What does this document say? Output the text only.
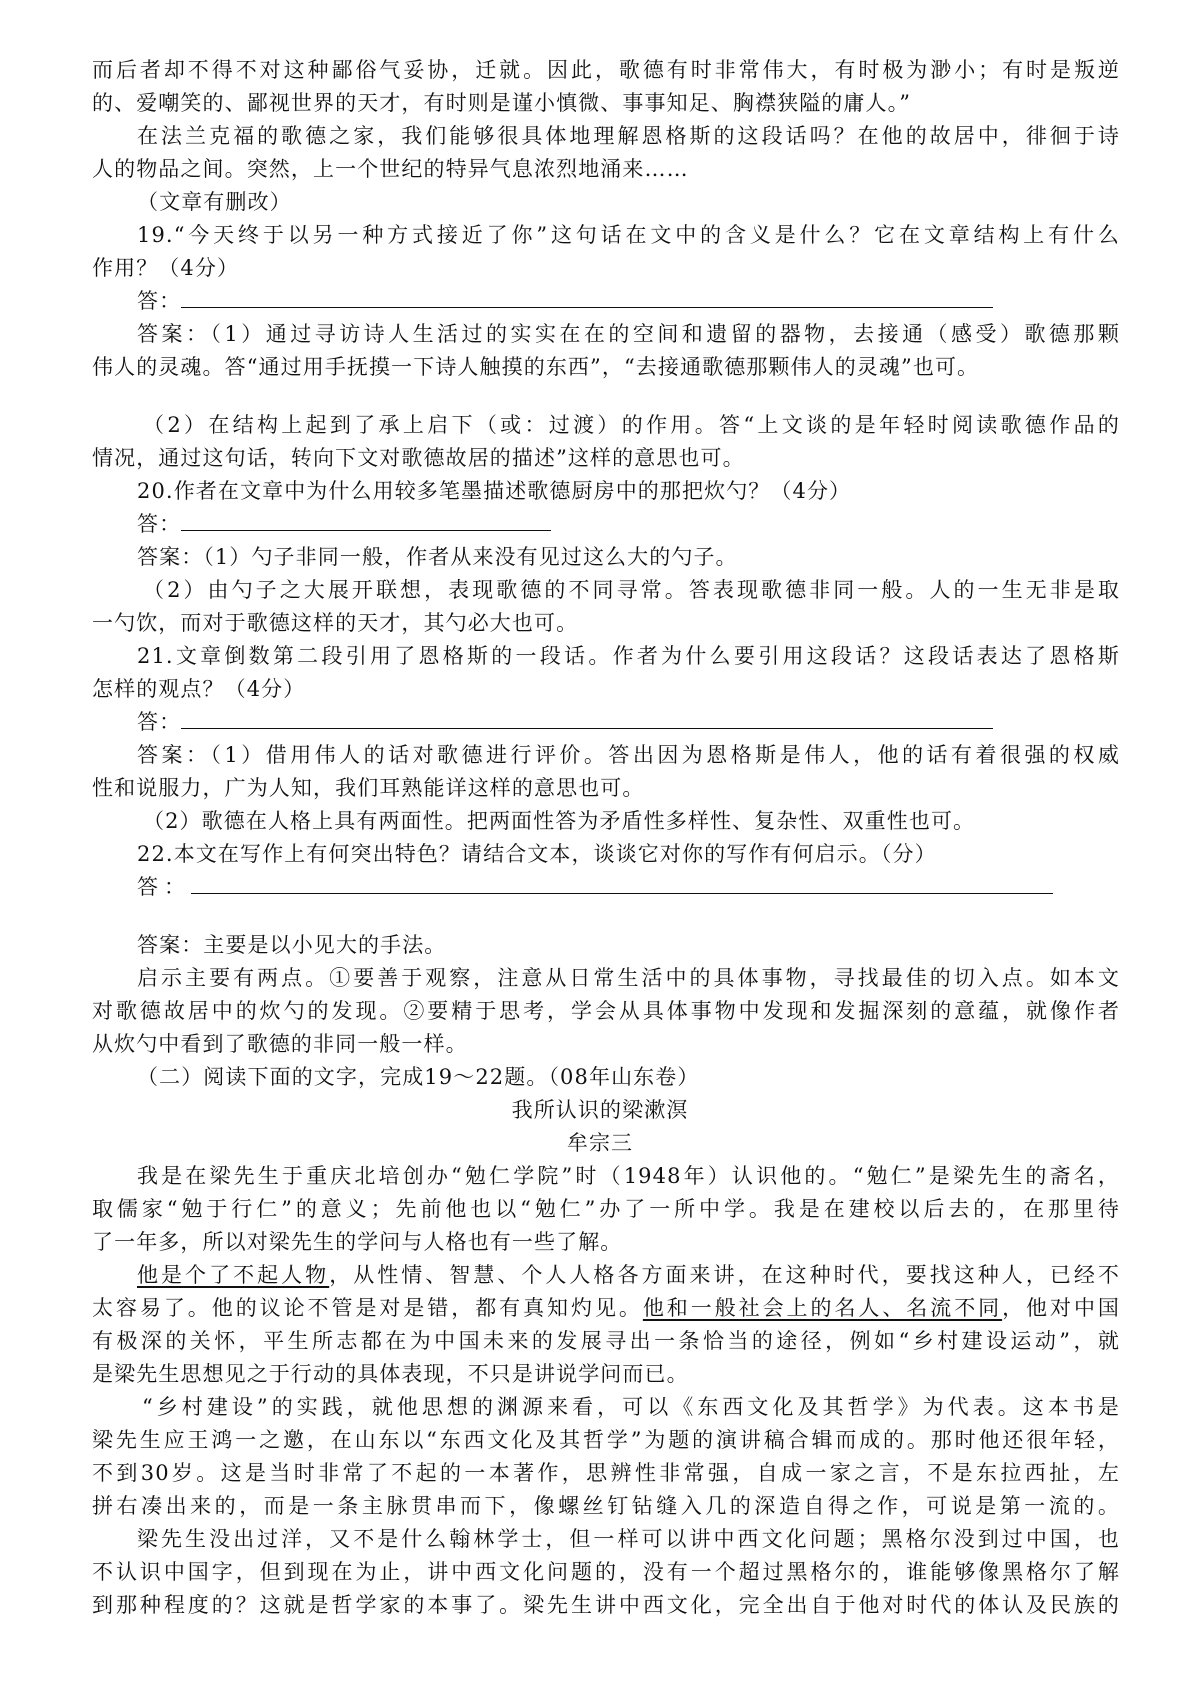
而后者却不得不对这种鄙俗气妥协，迁就。因此，歌德有时非常伟大，有时极为渺小；有时是叛逆
的、爱嘲笑的、鄙视世界的天才，有时则是谨小慎微、事事知足、胸襟狭隘的庸人。”
在法兰克福的歌德之家，我们能够很具体地理解恩格斯的这段话吗？在他的故居中，徘徊于诗
人的物品之间。突然，上一个世纪的特异气息浓烈地涌来……
（文章有删改）
19.“今天终于以另一种方式接近了你”这句话在文中的含义是什么？它在文章结构上有什么
作用？（4分）
答：
答案：（1）通过寻访诗人生活过的实实在在的空间和遗留的器物，去接通（感受）歌德那颗
伟人的灵魂。答“通过用手抚摸一下诗人触摸的东西”，“去接通歌德那颗伟人的灵魂”也可。
（2）在结构上起到了承上启下（或：过渡）的作用。答“上文谈的是年轻时阅读歌德作品的
情况，通过这句话，转向下文对歌德故居的描述”这样的意思也可。
20.作者在文章中为什么用较多笔墨描述歌德厨房中的那把炊勺？（4分）
答：
答案：（1）勺子非同一般，作者从来没有见过这么大的勺子。
（2）由勺子之大展开联想，表现歌德的不同寻常。答表现歌德非同一般。人的一生无非是取
一勺饮，而对于歌德这样的天才，其勺必大也可。
21.文章倒数第二段引用了恩格斯的一段话。作者为什么要引用这段话？这段话表达了恩格斯
怎样的观点？（4分）
答：
答案：（1）借用伟人的话对歌德进行评价。答出因为恩格斯是伟人，他的话有着很强的权威
性和说服力，广为人知，我们耳熟能详这样的意思也可。
（2）歌德在人格上具有两面性。把两面性答为矛盾性多样性、复杂性、双重性也可。
22.本文在写作上有何突出特色？请结合文本，谈谈它对你的写作有何启示。（分）
答：
答案：主要是以小见大的手法。
启示主要有两点。①要善于观察，注意从日常生活中的具体事物，寻找最佳的切入点。如本文
对歌德故居中的炊勺的发现。②要精于思考，学会从具体事物中发现和发掘深刻的意蕴，就像作者
从炊勺中看到了歌德的非同一般一样。
（二）阅读下面的文字，完成19～22题。（08年山东卷）
我所认识的梁漱溟
牟宗三
我是在梁先生于重庆北培创办“勉仁学院”时（1948年）认识他的。“勉仁”是梁先生的斋名，
取儒家“勉于行仁”的意义；先前他也以“勉仁”办了一所中学。我是在建校以后去的，在那里待
了一年多，所以对梁先生的学问与人格也有一些了解。
他是个了不起人物，从性情、智慧、个人人格各方面来讲，在这种时代，要找这种人，已经不
太容易了。他的议论不管是对是错，都有真知灼见。他和一般社会上的名人、名流不同，他对中国
有极深的关怀，平生所志都在为中国未来的发展寻出一条恰当的途径，例如“乡村建设运动”，就
是梁先生思想见之于行动的具体表现，不只是讲说学问而已。
“乡村建设”的实践，就他思想的渊源来看，可以《东西文化及其哲学》为代表。这本书是
梁先生应王鸿一之邀，在山东以“东西文化及其哲学”为题的演讲稿合辑而成的。那时他还很年轻，
不到30岁。这是当时非常了不起的一本著作，思辨性非常强，自成一家之言，不是东拉西扯，左
拼右凑出来的，而是一条主脉贯串而下，像螺丝钉钻缝入几的深造自得之作，可说是第一流的。
梁先生没出过洋，又不是什么翰林学士，但一样可以讲中西文化问题；黑格尔没到过中国，也
不认识中国字，但到现在为止，讲中西文化问题的，没有一个超过黑格尔的，谁能够像黑格尔了解
到那种程度的？这就是哲学家的本事了。梁先生讲中西文化，完全出自于他对时代的体认及民族的
